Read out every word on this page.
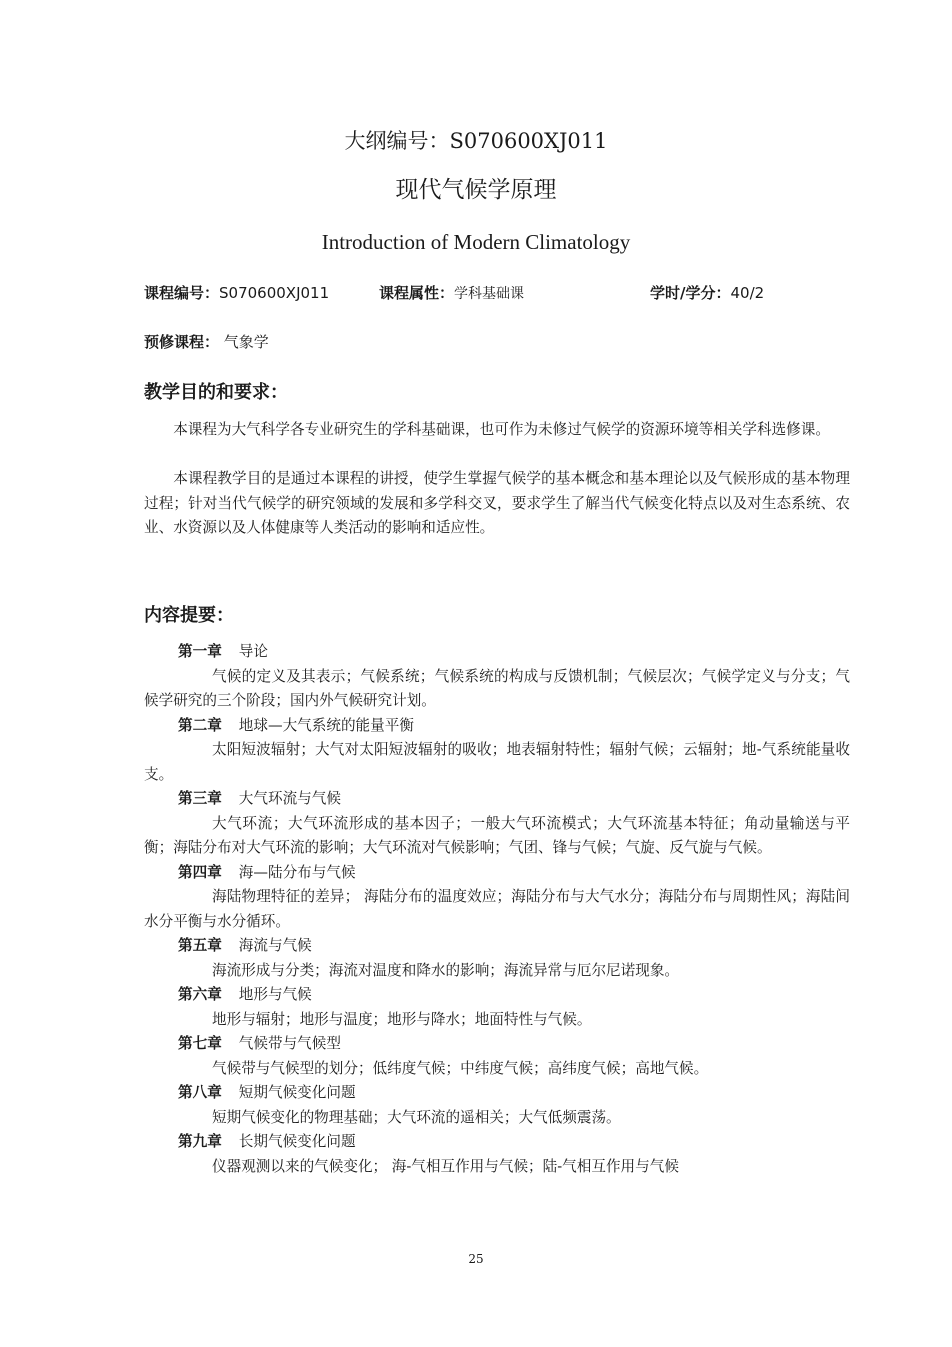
大纲编号：S070600XJ011
现代气候学原理
Introduction of Modern Climatology
课程编号：S070600XJ011	课程属性：学科基础课	学时/学分：40/2
预修课程： 气象学
教学目的和要求：
本课程为大气科学各专业研究生的学科基础课，也可作为未修过气候学的资源环境等相关学科选修课。
本课程教学目的是通过本课程的讲授，使学生掌握气候学的基本概念和基本理论以及气候形成的基本物理过程；针对当代气候学的研究领域的发展和多学科交叉，要求学生了解当代气候变化特点以及对生态系统、农业、水资源以及人体健康等人类活动的影响和适应性。
内容提要：
第一章 导论
气候的定义及其表示；气候系统；气候系统的构成与反馈机制；气候层次；气候学定义与分支；气候学研究的三个阶段；国内外气候研究计划。
第二章 地球—大气系统的能量平衡
太阳短波辐射；大气对太阳短波辐射的吸收；地表辐射特性；辐射气候；云辐射；地-气系统能量收支。
第三章 大气环流与气候
大气环流；大气环流形成的基本因子；一般大气环流模式；大气环流基本特征；角动量输送与平衡；海陆分布对大气环流的影响；大气环流对气候影响；气团、锋与气候；气旋、反气旋与气候。
第四章 海—陆分布与气候
海陆物理特征的差异； 海陆分布的温度效应；海陆分布与大气水分；海陆分布与周期性风；海陆间水分平衡与水分循环。
第五章 海流与气候
海流形成与分类；海流对温度和降水的影响；海流异常与厄尔尼诺现象。
第六章 地形与气候
地形与辐射；地形与温度；地形与降水；地面特性与气候。
第七章 气候带与气候型
气候带与气候型的划分；低纬度气候；中纬度气候；高纬度气候；高地气候。
第八章 短期气候变化问题
短期气候变化的物理基础；大气环流的遥相关；大气低频震荡。
第九章 长期气候变化问题
仪器观测以来的气候变化； 海-气相互作用与气候；陆-气相互作用与气候
25
